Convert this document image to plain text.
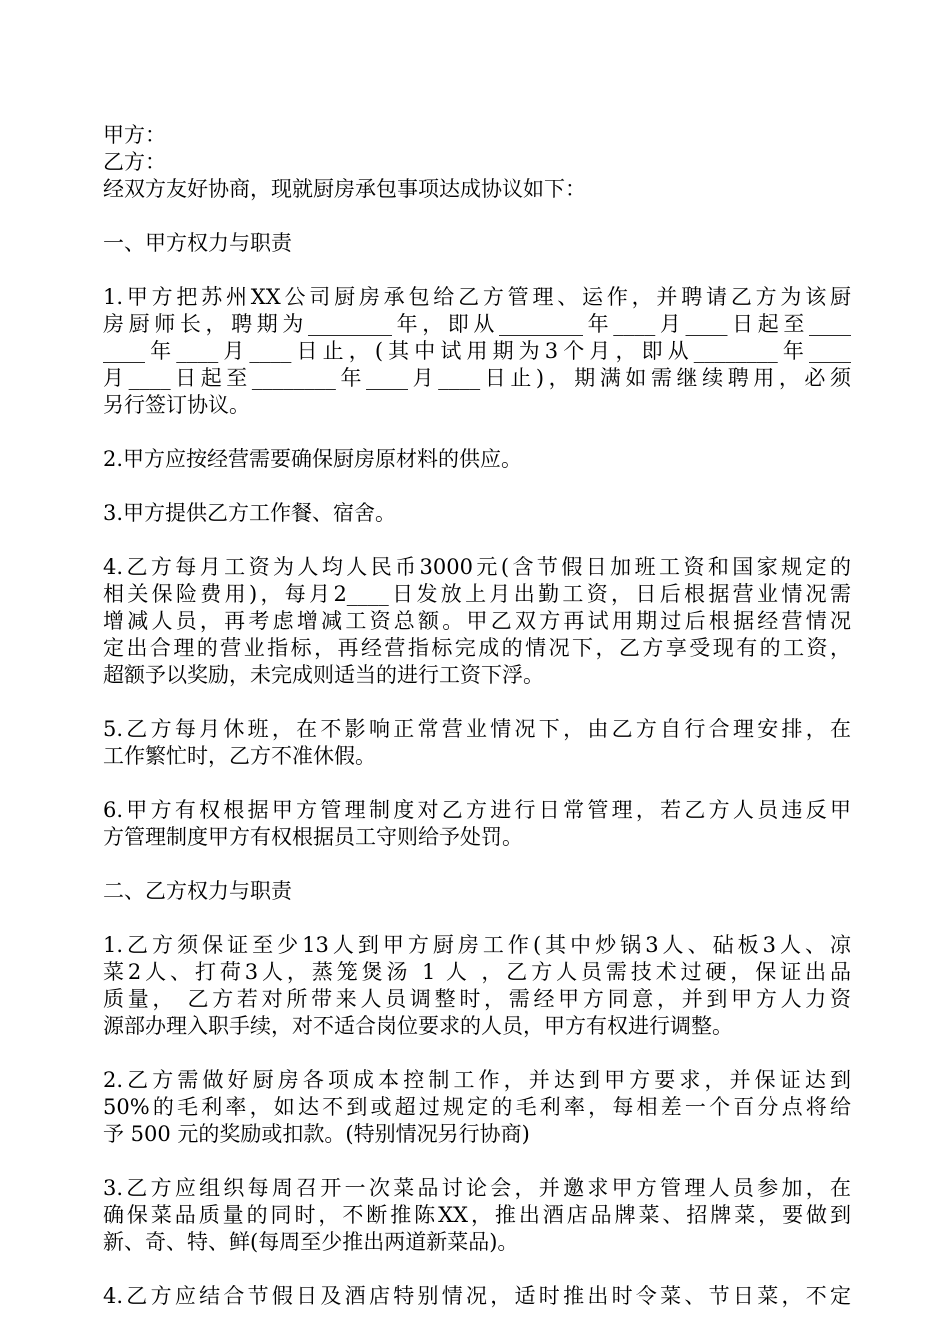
甲方：
乙方：
经双方友好协商，现就厨房承包事项达成协议如下：
一、甲方权力与职责
1.甲方把苏州XX公司厨房承包给乙方管理、运作，并聘请乙方为该厨
房厨师长，聘期为________年，即从________年____月____日起至____
____年____月____日止，(其中试用期为3个月，即从________年____
月____日起至________年____月____日止)，期满如需继续聘用，必须
另行签订协议。
2.甲方应按经营需要确保厨房原材料的供应。
3.甲方提供乙方工作餐、宿舍。
4.乙方每月工资为人均人民币3000元(含节假日加班工资和国家规定的
相关保险费用)，每月2____日发放上月出勤工资，日后根据营业情况需
增减人员，再考虑增减工资总额。甲乙双方再试用期过后根据经营情况
定出合理的营业指标，再经营指标完成的情况下，乙方享受现有的工资，
超额予以奖励，未完成则适当的进行工资下浮。
5.乙方每月休班，在不影响正常营业情况下，由乙方自行合理安排，在
工作繁忙时，乙方不准休假。
6.甲方有权根据甲方管理制度对乙方进行日常管理，若乙方人员违反甲
方管理制度甲方有权根据员工守则给予处罚。
二、乙方权力与职责
1.乙方须保证至少13人到甲方厨房工作(其中炒锅3人、砧板3人、凉
菜2人、打荷3人，蒸笼煲汤 1 人 ，乙方人员需技术过硬，保证出品
质量， 乙方若对所带来人员调整时，需经甲方同意，并到甲方人力资
源部办理入职手续，对不适合岗位要求的人员，甲方有权进行调整。
2.乙方需做好厨房各项成本控制工作，并达到甲方要求，并保证达到
50%的毛利率，如达不到或超过规定的毛利率，每相差一个百分点将给
予 500 元的奖励或扣款。(特别情况另行协商)
3.乙方应组织每周召开一次菜品讨论会，并邀求甲方管理人员参加，在
确保菜品质量的同时，不断推陈XX，推出酒店品牌菜、招牌菜，要做到
新、奇、特、鲜(每周至少推出两道新菜品)。
4.乙方应结合节假日及酒店特别情况，适时推出时令菜、节日菜，不定
